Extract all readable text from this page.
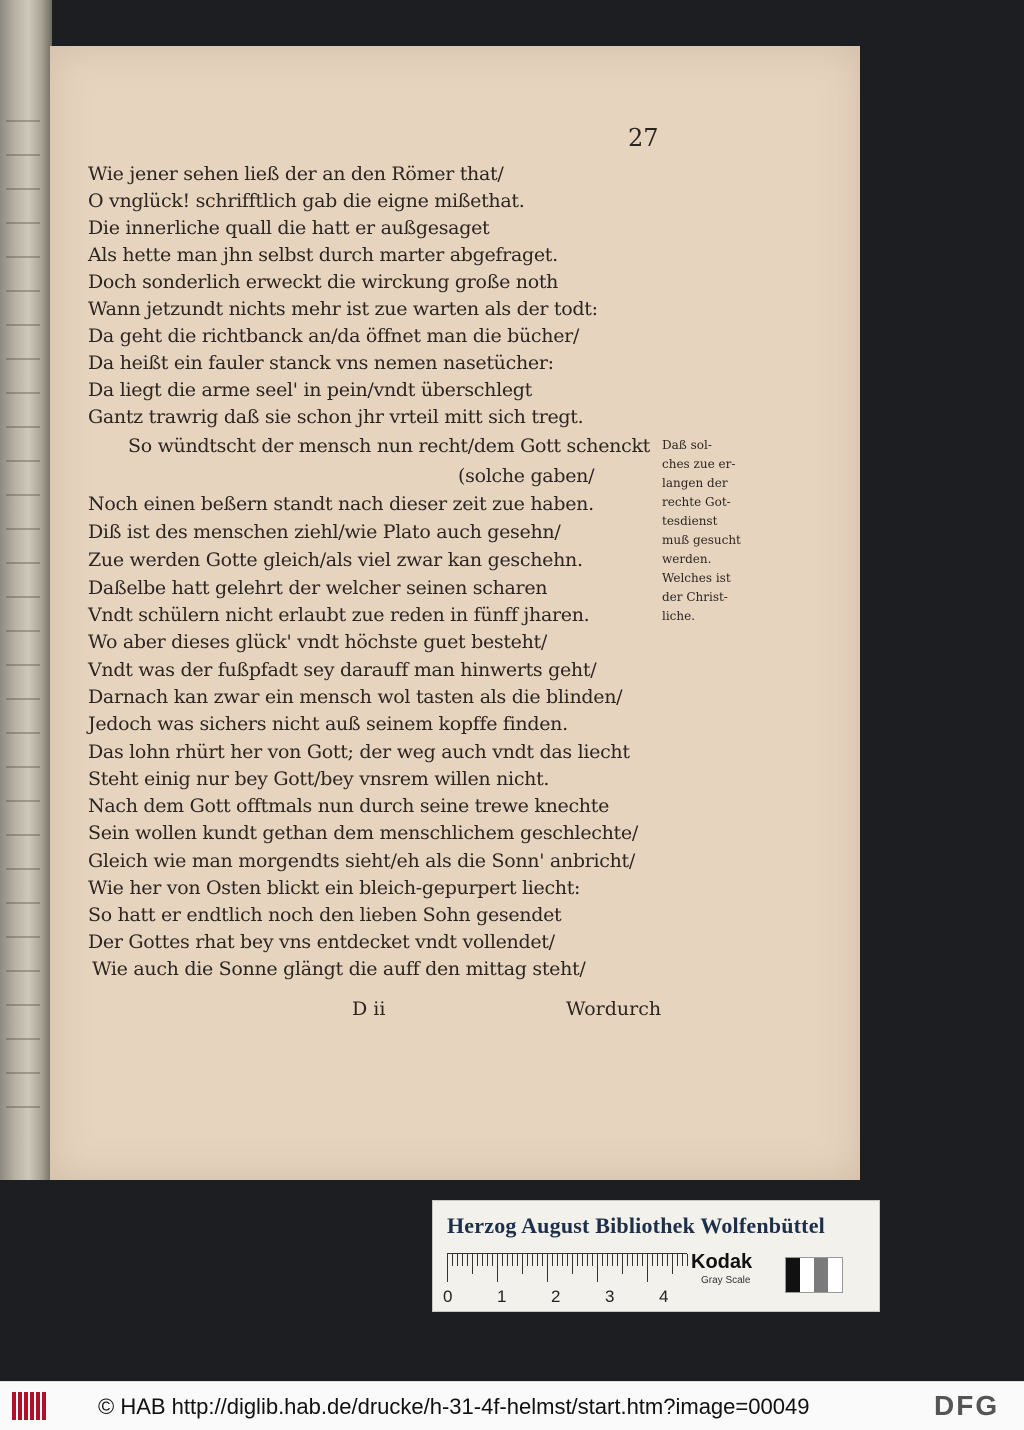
27
Wie jener sehen ließ der an den Römer that/
O vnglück! schrifftlich gab die eigne mißethat.
Die innerliche quall die hatt er außgesaget
Als hette man jhn selbst durch marter abgefraget.
Doch sonderlich erweckt die wirckung große noth
Wann jetzundt nichts mehr ist zue warten als der todt:
Da geht die richtbanck an/da öffnet man die bücher/
Da heißt ein fauler stanck vns nemen nasetücher:
Da liegt die arme seel' in pein/vndt überschlegt
Gantz trawrig daß sie schon jhr vrteil mitt sich tregt.
So wündtscht der mensch nun recht/dem Gott schenckt
(solche gaben/
Noch einen beßern standt nach dieser zeit zue haben.
Diß ist des menschen ziehl/wie Plato auch gesehn/
Zue werden Gotte gleich/als viel zwar kan geschehn.
Daßelbe hatt gelehrt der welcher seinen scharen
Vndt schülern nicht erlaubt zue reden in fünff jharen.
Wo aber dieses glück' vndt höchste guet besteht/
Vndt was der fußpfadt sey darauff man hinwerts geht/
Darnach kan zwar ein mensch wol tasten als die blinden/
Jedoch was sichers nicht auß seinem kopffe finden.
Das lohn rhürt her von Gott; der weg auch vndt das liecht
Steht einig nur bey Gott/bey vnsrem willen nicht.
Nach dem Gott offtmals nun durch seine trewe knechte
Sein wollen kundt gethan dem menschlichem geschlechte/
Gleich wie man morgendts sieht/eh als die Sonn' anbricht/
Wie her von Osten blickt ein bleich-gepurpert liecht:
So hatt er endtlich noch den lieben Sohn gesendet
Der Gottes rhat bey vns entdecket vndt vollendet/
Wie auch die Sonne glängt die auff den mittag steht/
Daß sol-
ches zue er-
langen der
rechte Got-
tesdienst
muß gesucht
werden.
Welches ist
der Christ-
liche.
D ii	Wordurch
Herzog August Bibliothek Wolfenbüttel
0	1	2	3	4
Kodak
Gray Scale
© HAB http://diglib.hab.de/drucke/h-31-4f-helmst/start.htm?image=00049	DFG
